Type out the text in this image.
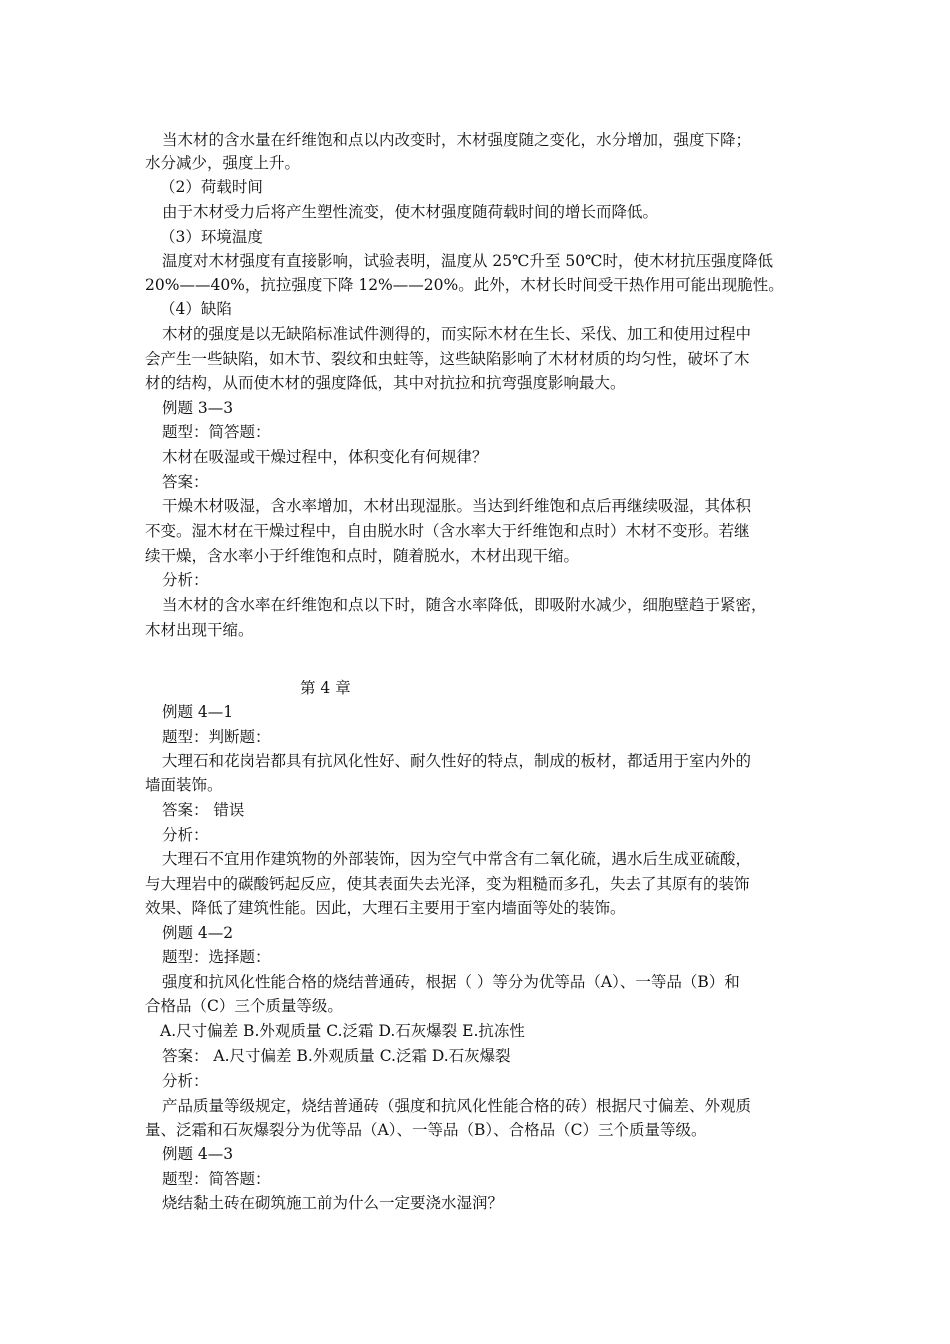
当木材的含水量在纤维饱和点以内改变时，木材强度随之变化，水分增加，强度下降；
水分减少，强度上升。
（2）荷载时间
由于木材受力后将产生塑性流变，使木材强度随荷载时间的增长而降低。
（3）环境温度
温度对木材强度有直接影响，试验表明，温度从 25℃升至 50℃时，使木材抗压强度降低
20%——40%，抗拉强度下降 12%——20%。此外，木材长时间受干热作用可能出现脆性。
（4）缺陷
木材的强度是以无缺陷标准试件测得的，而实际木材在生长、采伐、加工和使用过程中
会产生一些缺陷，如木节、裂纹和虫蛀等，这些缺陷影响了木材材质的均匀性，破坏了木
材的结构，从而使木材的强度降低，其中对抗拉和抗弯强度影响最大。
例题 3—3
题型：简答题：
木材在吸湿或干燥过程中，体积变化有何规律？
答案：
干燥木材吸湿，含水率增加，木材出现湿胀。当达到纤维饱和点后再继续吸湿，其体积
不变。湿木材在干燥过程中，自由脱水时（含水率大于纤维饱和点时）木材不变形。若继
续干燥，含水率小于纤维饱和点时，随着脱水，木材出现干缩。
分析：
当木材的含水率在纤维饱和点以下时，随含水率降低，即吸附水减少，细胞壁趋于紧密，
木材出现干缩。
第 4 章
例题 4—1
题型：判断题：
大理石和花岗岩都具有抗风化性好、耐久性好的特点，制成的板材，都适用于室内外的
墙面装饰。
答案： 错误
分析：
大理石不宜用作建筑物的外部装饰，因为空气中常含有二氧化硫，遇水后生成亚硫酸，
与大理岩中的碳酸钙起反应，使其表面失去光泽，变为粗糙而多孔，失去了其原有的装饰
效果、降低了建筑性能。因此，大理石主要用于室内墙面等处的装饰。
例题 4—2
题型：选择题：
强度和抗风化性能合格的烧结普通砖，根据（ ）等分为优等品（A）、一等品（B）和
合格品（C）三个质量等级。
A.尺寸偏差 B.外观质量 C.泛霜 D.石灰爆裂 E.抗冻性
答案： A.尺寸偏差 B.外观质量 C.泛霜 D.石灰爆裂
分析：
产品质量等级规定，烧结普通砖（强度和抗风化性能合格的砖）根据尺寸偏差、外观质
量、泛霜和石灰爆裂分为优等品（A）、一等品（B）、合格品（C）三个质量等级。
例题 4—3
题型：简答题：
烧结黏土砖在砌筑施工前为什么一定要浇水湿润？
